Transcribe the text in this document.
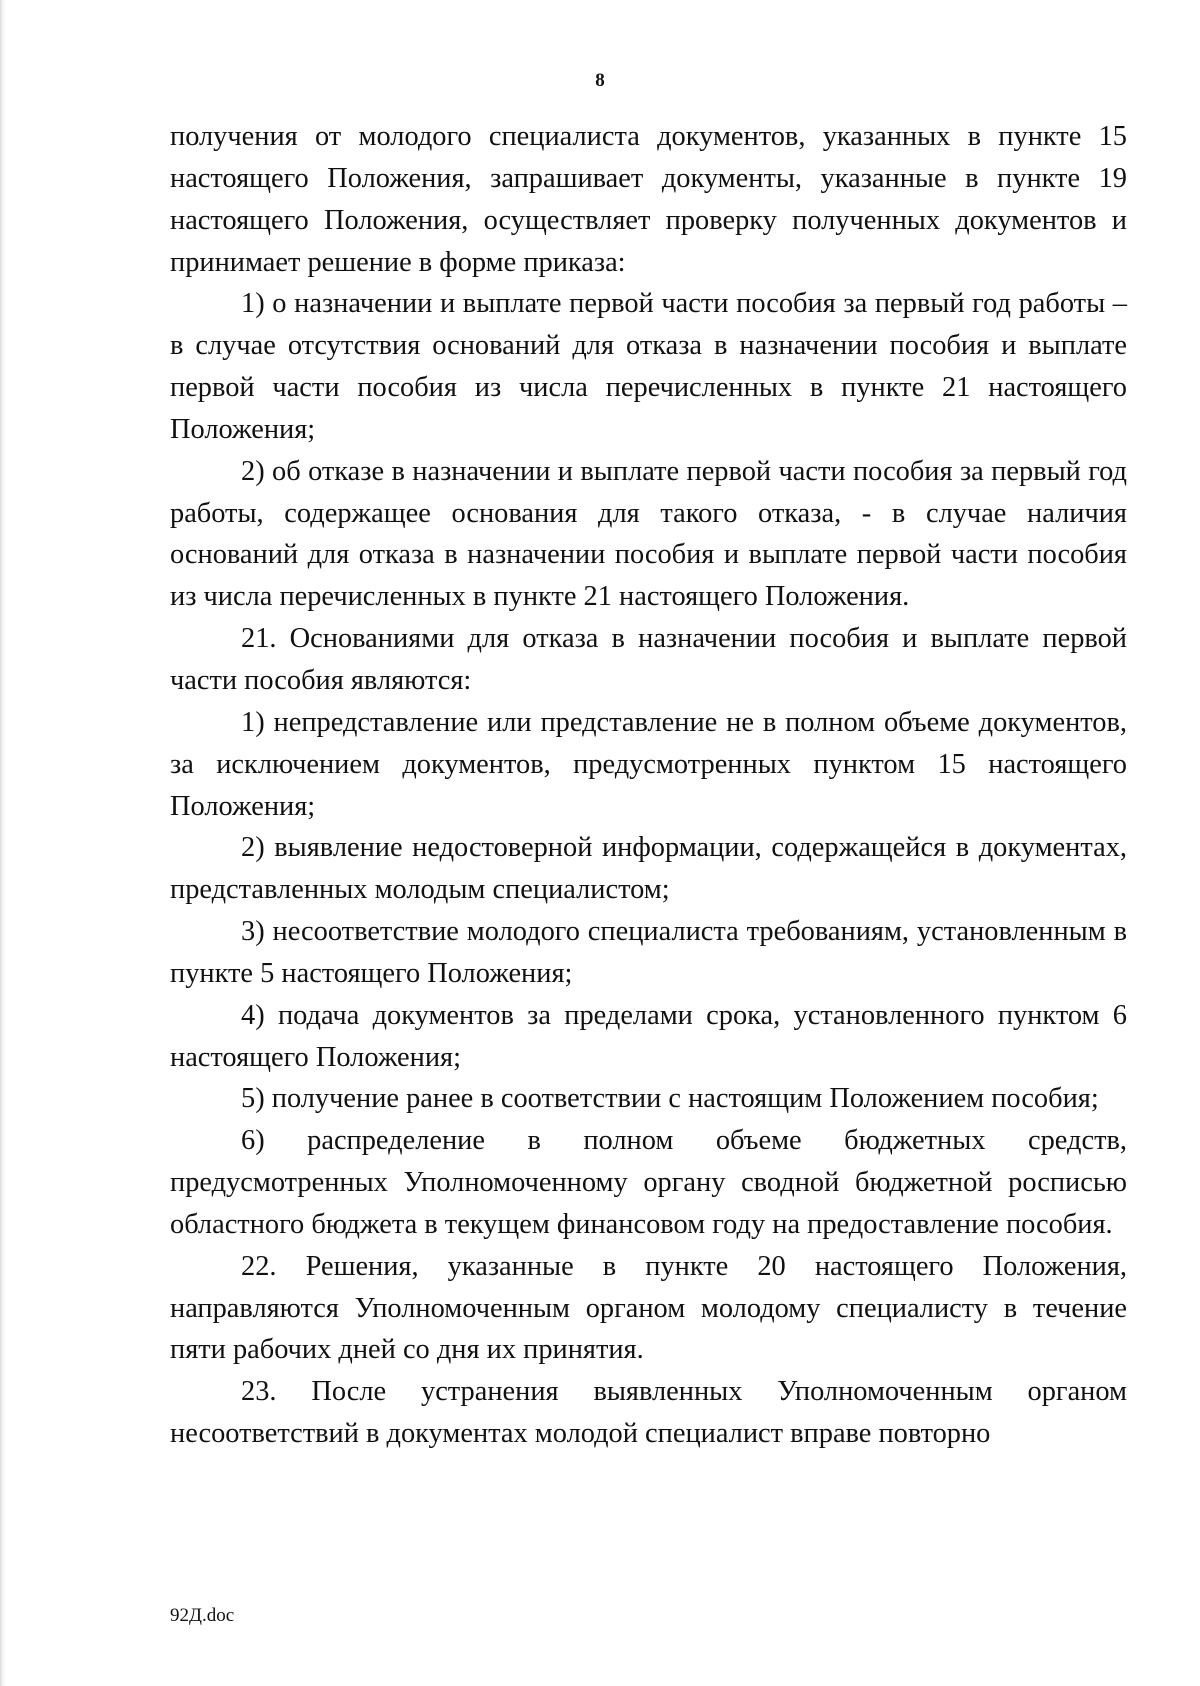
8

получения от молодого специалиста документов, указанных в пункте 15 настоящего Положения, запрашивает документы, указанные в пункте 19 настоящего Положения, осуществляет проверку полученных документов и принимает решение в форме приказа:

1) о назначении и выплате первой части пособия за первый год работы – в случае отсутствия оснований для отказа в назначении пособия и выплате первой части пособия из числа перечисленных в пункте 21 настоящего Положения;

2) об отказе в назначении и выплате первой части пособия за первый год работы, содержащее основания для такого отказа, - в случае наличия оснований для отказа в назначении пособия и выплате первой части пособия из числа перечисленных в пункте 21 настоящего Положения.

21. Основаниями для отказа в назначении пособия и выплате первой части пособия являются:

1) непредставление или представление не в полном объеме документов, за исключением документов, предусмотренных пунктом 15 настоящего Положения;

2) выявление недостоверной информации, содержащейся в документах, представленных молодым специалистом;

3) несоответствие молодого специалиста требованиям, установленным в пункте 5 настоящего Положения;

4) подача документов за пределами срока, установленного пунктом 6 настоящего Положения;

5) получение ранее в соответствии с настоящим Положением пособия;

6) распределение в полном объеме бюджетных средств, предусмотренных Уполномоченному органу сводной бюджетной росписью областного бюджета в текущем финансовом году на предоставление пособия.

22. Решения, указанные в пункте 20 настоящего Положения, направляются Уполномоченным органом молодому специалисту в течение пяти рабочих дней со дня их принятия.

23. После устранения выявленных Уполномоченным органом несоответствий в документах молодой специалист вправе повторно

92Д.doc
